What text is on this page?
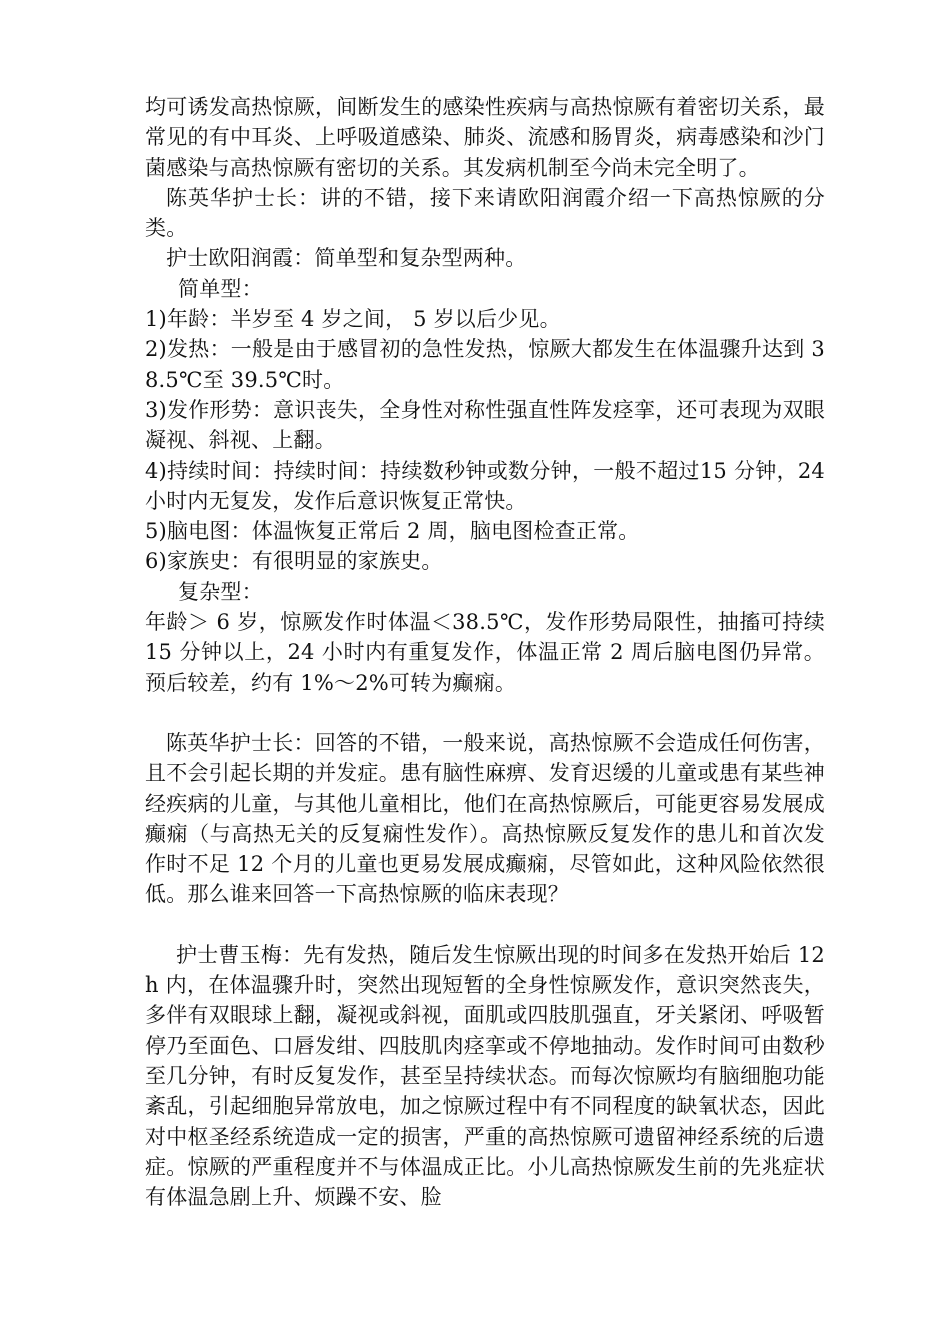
均可诱发高热惊厥，间断发生的感染性疾病与高热惊厥有着密切关系，最常见的有中耳炎、上呼吸道感染、肺炎、流感和肠胃炎，病毒感染和沙门菌感染与高热惊厥有密切的关系。其发病机制至今尚未完全明了。

陈英华护士长：讲的不错，接下来请欧阳润霞介绍一下高热惊厥的分类。

护士欧阳润霞：简单型和复杂型两种。

简单型：

1)年龄：半岁至 4 岁之间， 5 岁以后少见。

2)发热：一般是由于感冒初的急性发热，惊厥大都发生在体温骤升达到 38.5℃至 39.5℃时。

3)发作形势：意识丧失，全身性对称性强直性阵发痉挛，还可表现为双眼凝视、斜视、上翻。

4)持续时间：持续时间：持续数秒钟或数分钟，一般不超过15 分钟，24 小时内无复发，发作后意识恢复正常快。

5)脑电图：体温恢复正常后 2 周，脑电图检查正常。

6)家族史：有很明显的家族史。

复杂型：

年龄＞ 6 岁，惊厥发作时体温＜38.5℃，发作形势局限性，抽搐可持续 15 分钟以上，24 小时内有重复发作，体温正常 2 周后脑电图仍异常。预后较差，约有 1%～2%可转为癫痫。

陈英华护士长：回答的不错，一般来说，高热惊厥不会造成任何伤害，且不会引起长期的并发症。患有脑性麻痹、发育迟缓的儿童或患有某些神经疾病的儿童，与其他儿童相比，他们在高热惊厥后，可能更容易发展成癫痫（与高热无关的反复痫性发作）。高热惊厥反复发作的患儿和首次发作时不足 12 个月的儿童也更易发展成癫痫，尽管如此，这种风险依然很低。那么谁来回答一下高热惊厥的临床表现？

护士曹玉梅：先有发热，随后发生惊厥出现的时间多在发热开始后 12h 内，在体温骤升时，突然出现短暂的全身性惊厥发作，意识突然丧失，多伴有双眼球上翻，凝视或斜视，面肌或四肢肌强直，牙关紧闭、呼吸暂停乃至面色、口唇发绀、四肢肌肉痉挛或不停地抽动。发作时间可由数秒至几分钟，有时反复发作，甚至呈持续状态。而每次惊厥均有脑细胞功能紊乱，引起细胞异常放电，加之惊厥过程中有不同程度的缺氧状态，因此对中枢圣经系统造成一定的损害，严重的高热惊厥可遗留神经系统的后遗症。惊厥的严重程度并不与体温成正比。小儿高热惊厥发生前的先兆症状有体温急剧上升、烦躁不安、脸
